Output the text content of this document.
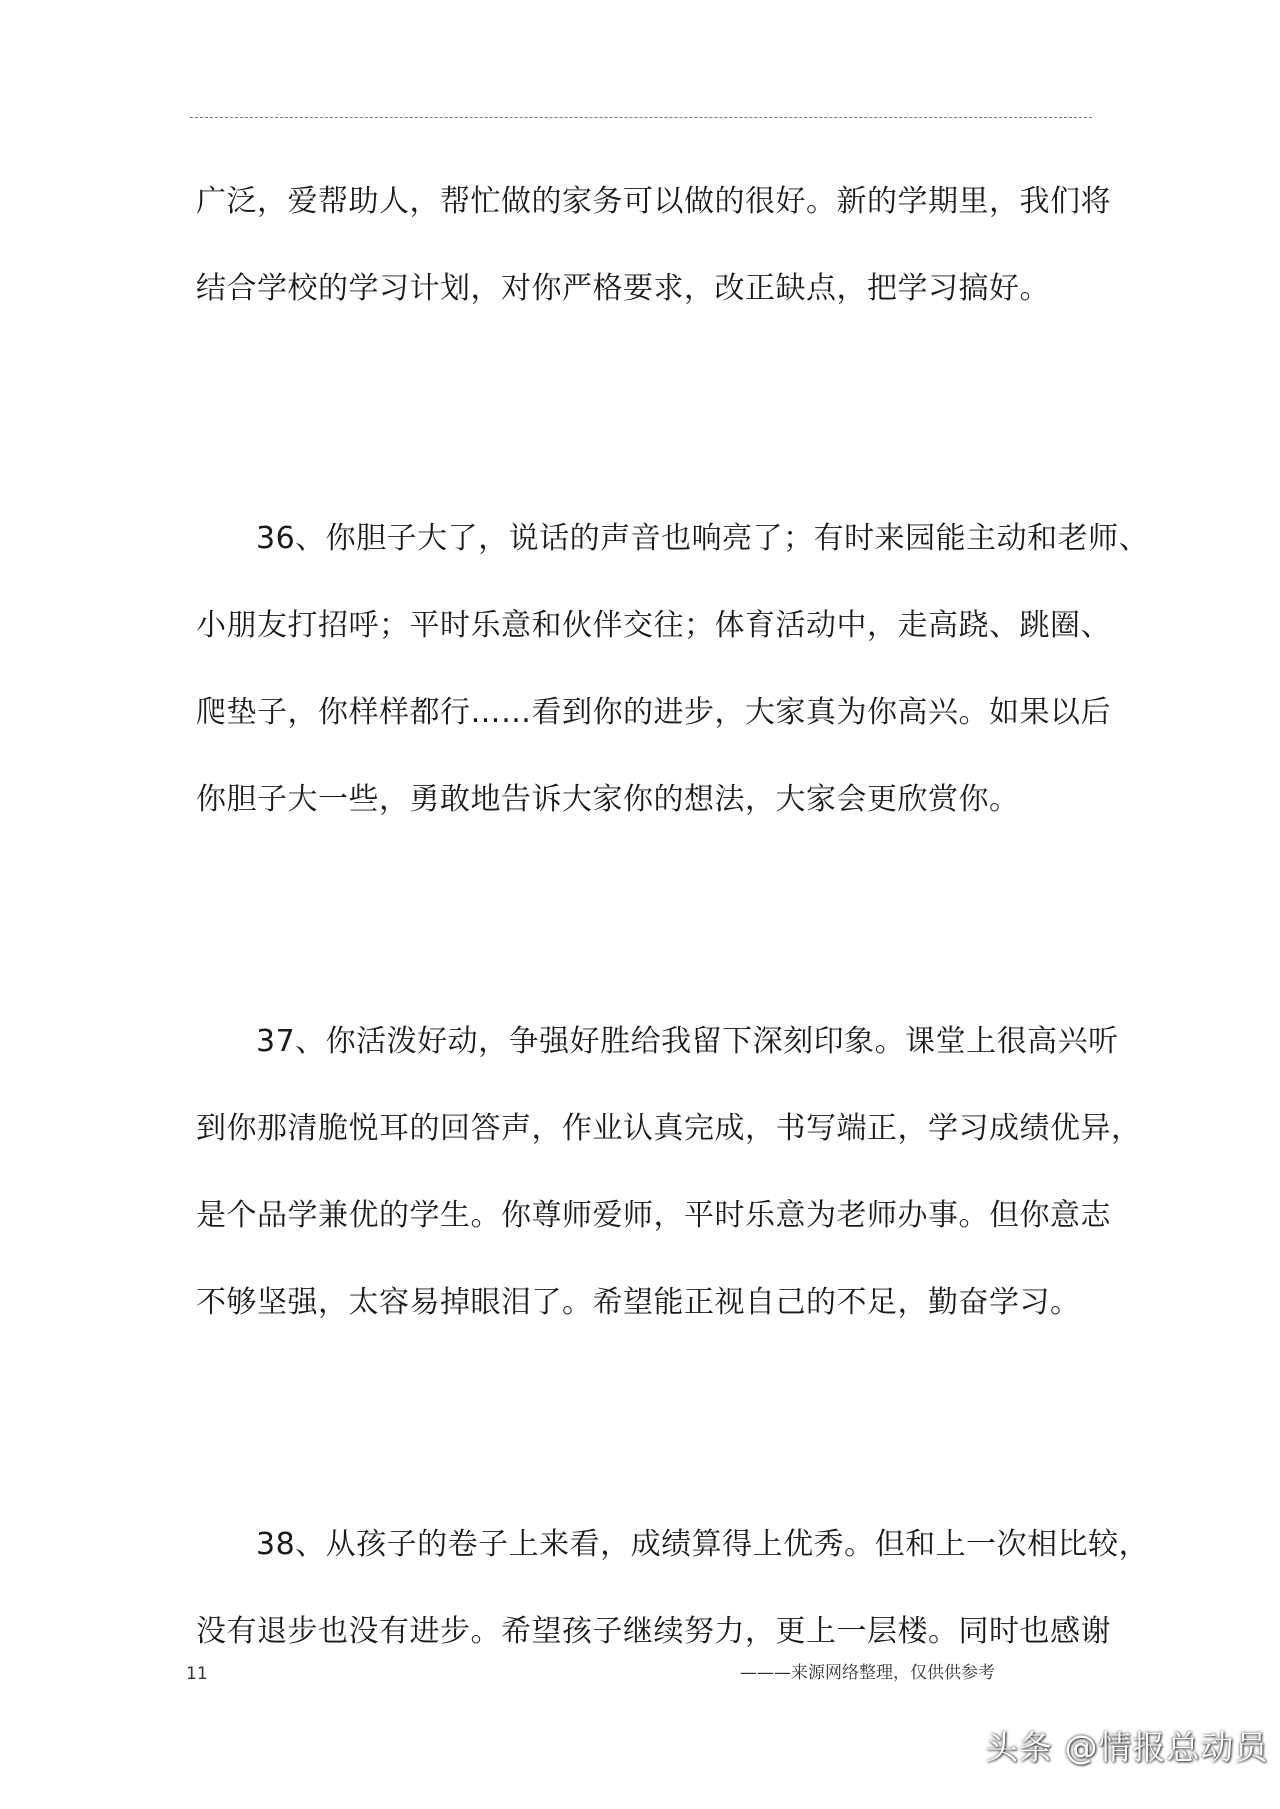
广泛，爱帮助人，帮忙做的家务可以做的很好。新的学期里，我们将
结合学校的学习计划，对你严格要求，改正缺点，把学习搞好。
36、你胆子大了，说话的声音也响亮了；有时来园能主动和老师、
小朋友打招呼；平时乐意和伙伴交往；体育活动中，走高跷、跳圈、
爬垫子，你样样都行……看到你的进步，大家真为你高兴。如果以后
你胆子大一些，勇敢地告诉大家你的想法，大家会更欣赏你。
37、你活泼好动，争强好胜给我留下深刻印象。课堂上很高兴听
到你那清脆悦耳的回答声，作业认真完成，书写端正，学习成绩优异，
是个品学兼优的学生。你尊师爱师，平时乐意为老师办事。但你意志
不够坚强，太容易掉眼泪了。希望能正视自己的不足，勤奋学习。
38、从孩子的卷子上来看，成绩算得上优秀。但和上一次相比较，
没有退步也没有进步。希望孩子继续努力，更上一层楼。同时也感谢
11	———来源网络整理，仅供供参考
头条 @情报总动员
